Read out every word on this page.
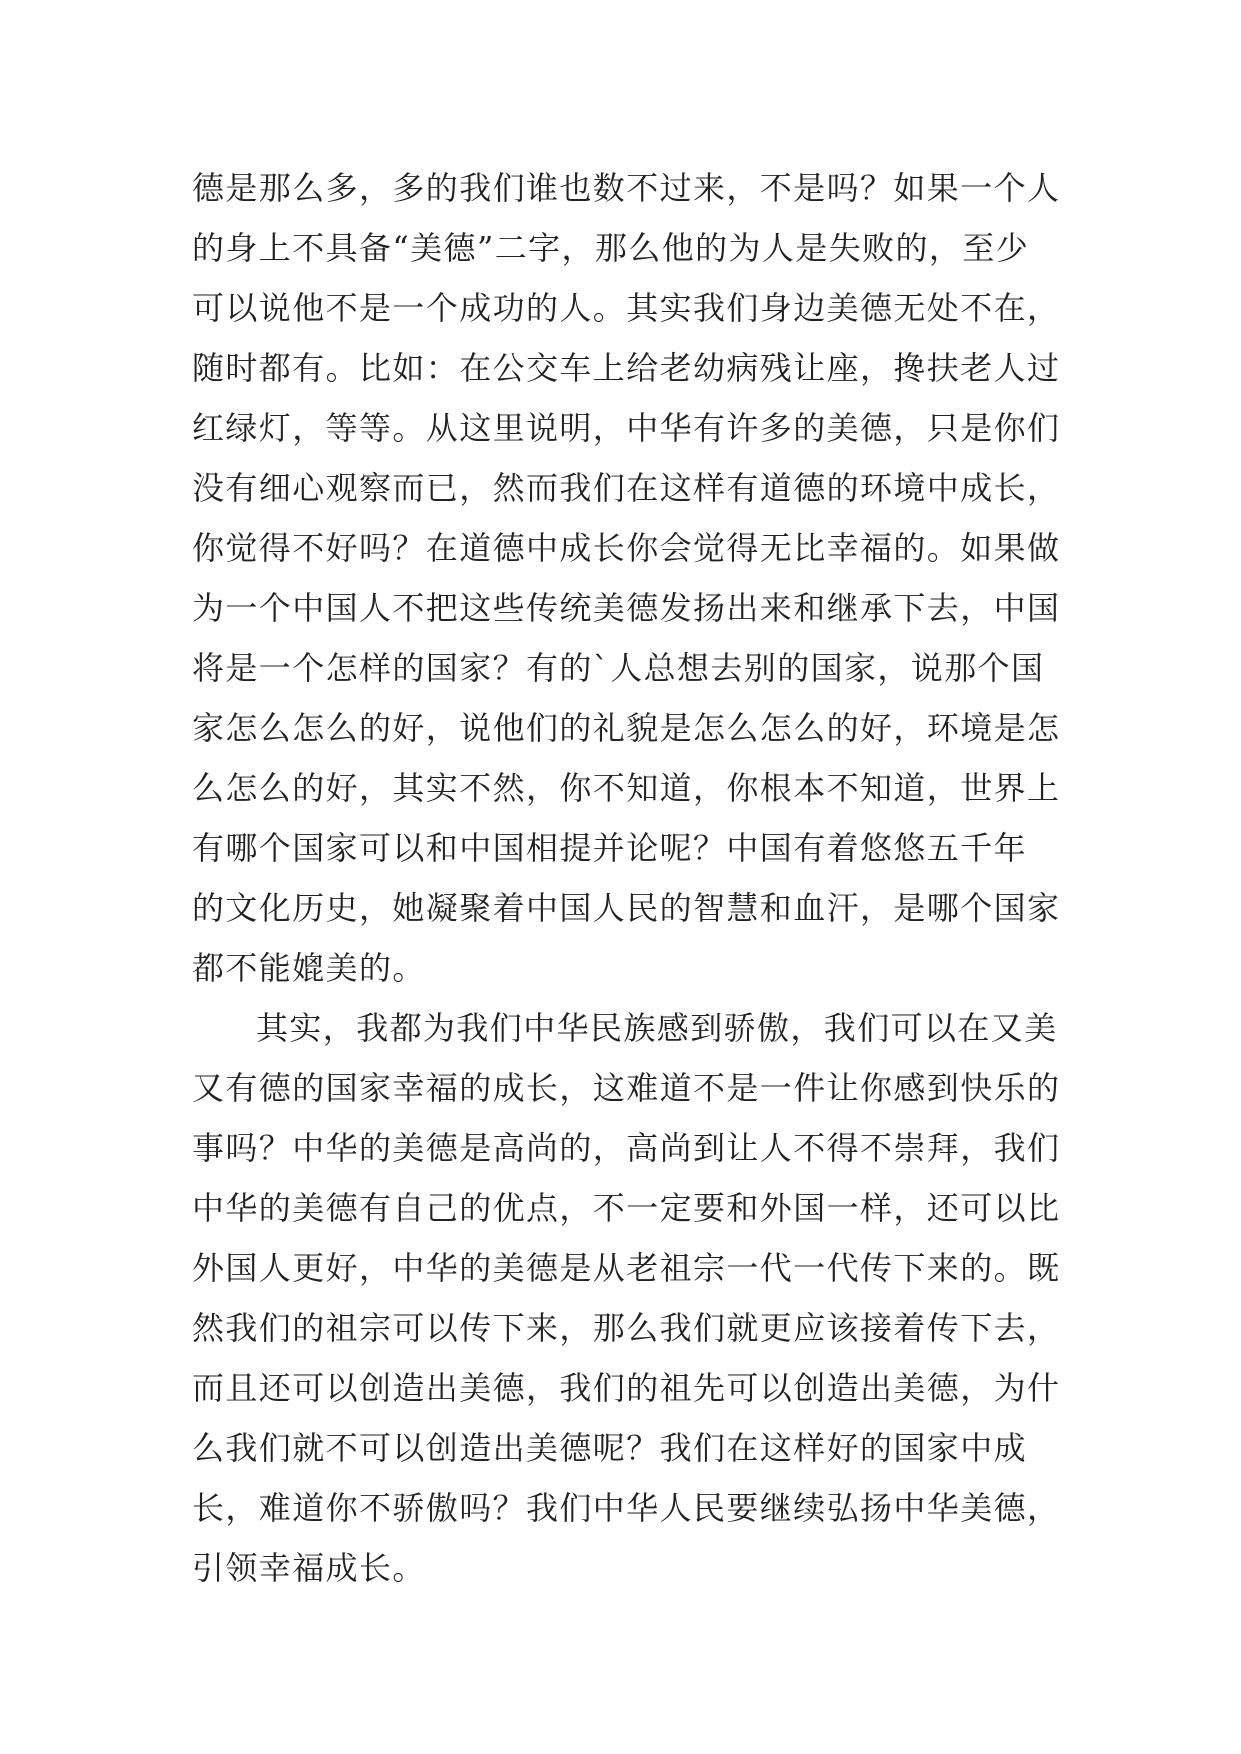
德是那么多，多的我们谁也数不过来，不是吗？如果一个人
的身上不具备“美德”二字，那么他的为人是失败的，至少
可以说他不是一个成功的人。其实我们身边美德无处不在，
随时都有。比如：在公交车上给老幼病残让座，搀扶老人过
红绿灯，等等。从这里说明，中华有许多的美德，只是你们
没有细心观察而已，然而我们在这样有道德的环境中成长，
你觉得不好吗？在道德中成长你会觉得无比幸福的。如果做
为一个中国人不把这些传统美德发扬出来和继承下去，中国
将是一个怎样的国家？有的`人总想去别的国家，说那个国
家怎么怎么的好，说他们的礼貌是怎么怎么的好，环境是怎
么怎么的好，其实不然，你不知道，你根本不知道，世界上
有哪个国家可以和中国相提并论呢？中国有着悠悠五千年
的文化历史，她凝聚着中国人民的智慧和血汗，是哪个国家
都不能媲美的。
其实，我都为我们中华民族感到骄傲，我们可以在又美
又有德的国家幸福的成长，这难道不是一件让你感到快乐的
事吗？中华的美德是高尚的，高尚到让人不得不崇拜，我们
中华的美德有自己的优点，不一定要和外国一样，还可以比
外国人更好，中华的美德是从老祖宗一代一代传下来的。既
然我们的祖宗可以传下来，那么我们就更应该接着传下去，
而且还可以创造出美德，我们的祖先可以创造出美德，为什
么我们就不可以创造出美德呢？我们在这样好的国家中成
长，难道你不骄傲吗？我们中华人民要继续弘扬中华美德，
引领幸福成长。
